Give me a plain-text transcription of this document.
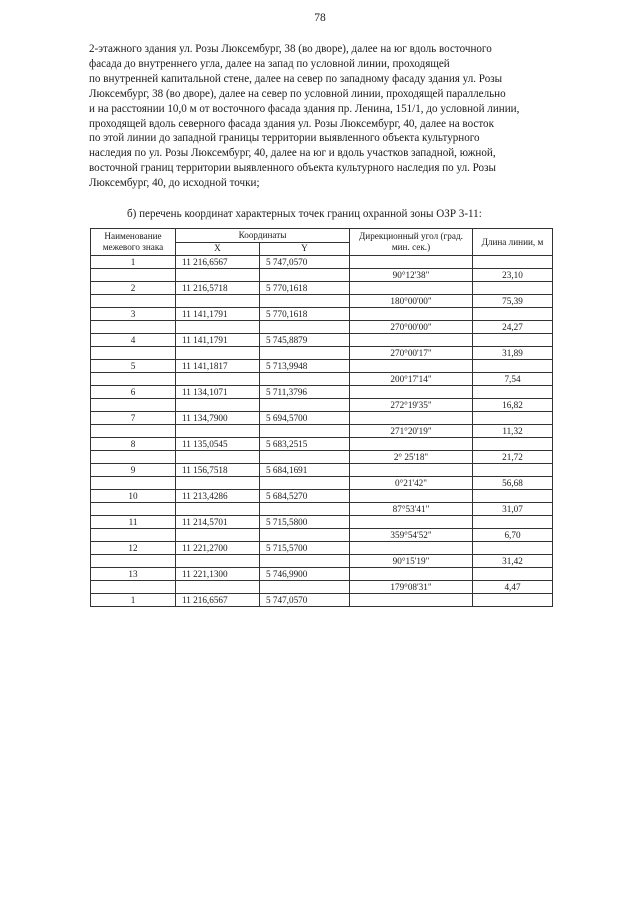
78

2-этажного здания ул. Розы Люксембург, 38 (во дворе), далее на юг вдоль восточного

фасада до внутреннего угла, далее на запад по условной линии, проходящей

по внутренней капитальной стене, далее на север по западному фасаду здания ул. Розы

Люксембург, 38 (во дворе), далее на север по условной линии, проходящей параллельно

и на расстоянии 10,0 м от восточного фасада здания пр. Ленина, 151/1, до условной линии,

проходящей вдоль северного фасада здания ул. Розы Люксембург, 40, далее на восток

по этой линии до западной границы территории выявленного объекта культурного

наследия по ул. Розы Люксембург, 40, далее на юг и вдоль участков западной, южной,

восточной границ территории выявленного объекта культурного наследия по ул. Розы

Люксембург, 40, до исходной точки;

б) перечень координат характерных точек границ охранной зоны ОЗР 3-11:
Наименование межевого знака	Координаты		Дирекционный угол (град. мин. сек.)	Длина линии, м
	X	Y		
1	11 216,6567	5 747,0570		
			90°12'38"	23,10
2	11 216,5718	5 770,1618		
			180°00'00"	75,39
3	11 141,1791	5 770,1618		
			270°00'00"	24,27
4	11 141,1791	5 745,8879		
			270°00'17"	31,89
5	11 141,1817	5 713,9948		
			200°17'14"	7,54
6	11 134,1071	5 711,3796		
			272°19'35"	16,82
7	11 134,7900	5 694,5700		
			271°20'19"	11,32
8	11 135,0545	5 683,2515		
			2° 25'18"	21,72
9	11 156,7518	5 684,1691		
			0°21'42"	56,68
10	11 213,4286	5 684,5270		
			87°53'41"	31,07
11	11 214,5701	5 715,5800		
			359°54'52"	6,70
12	11 221,2700	5 715,5700		
			90°15'19"	31,42
13	11 221,1300	5 746,9900		
			179°08'31"	4,47
1	11 216,6567	5 747,0570		
